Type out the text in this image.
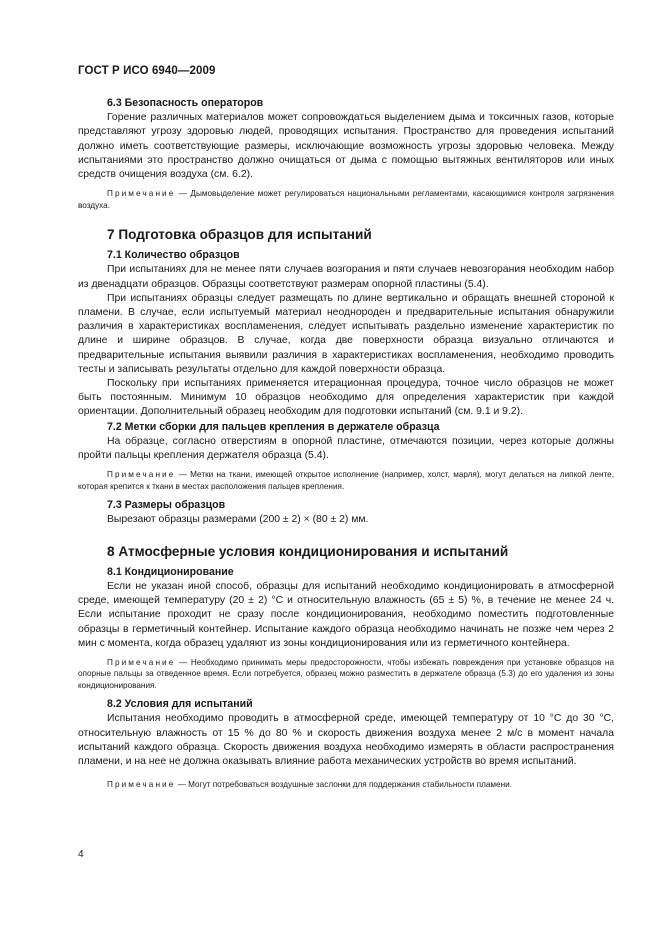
ГОСТ Р ИСО 6940—2009
6.3 Безопасность операторов

Горение различных материалов может сопровождаться выделением дыма и токсичных газов, которые представляют угрозу здоровью людей, проводящих испытания. Пространство для проведения испытаний должно иметь соответствующие размеры, исключающие возможность угрозы здоровью человека. Между испытаниями это пространство должно очищаться от дыма с помощью вытяжных вентиляторов или иных средств очищения воздуха (см. 6.2).

Примечание — Дымовыделение может регулироваться национальными регламентами, касающимися контроля загрязнения воздуха.

7 Подготовка образцов для испытаний
7.1 Количество образцов

При испытаниях для не менее пяти случаев возгорания и пяти случаев невозгорания необходим набор из двенадцати образцов. Образцы соответствуют размерам опорной пластины (5.4).

При испытаниях образцы следует размещать по длине вертикально и обращать внешней стороной к пламени. В случае, если испытуемый материал неоднороден и предварительные испытания обнаружили различия в характеристиках воспламенения, следует испытывать раздельно изменение характеристик по длине и ширине образцов. В случае, когда две поверхности образца визуально отличаются и предварительные испытания выявили различия в характеристиках воспламенения, необходимо проводить тесты и записывать результаты отдельно для каждой поверхности образца.

Поскольку при испытаниях применяется итерационная процедура, точное число образцов не может быть постоянным. Минимум 10 образцов необходимо для определения характеристик при каждой ориентации. Дополнительный образец необходим для подготовки испытаний (см. 9.1 и 9.2).

7.2 Метки сборки для пальцев крепления в держателе образца

На образце, согласно отверстиям в опорной пластине, отмечаются позиции, через которые должны пройти пальцы крепления держателя образца (5.4).

Примечание — Метки на ткани, имеющей открытое исполнение (например, холст, марля), могут делаться на липкой ленте, которая крепится к ткани в местах расположения пальцев крепления.

7.3 Размеры образцов

Вырезают образцы размерами (200 ± 2) × (80 ± 2) мм.

8 Атмосферные условия кондиционирования и испытаний
8.1 Кондиционирование

Если не указан иной способ, образцы для испытаний необходимо кондиционировать в атмосферной среде, имеющей температуру (20 ± 2) °С и относительную влажность (65 ± 5) %, в течение не менее 24 ч. Если испытание проходит не сразу после кондиционирования, необходимо поместить подготовленные образцы в герметичный контейнер. Испытание каждого образца необходимо начинать не позже чем через 2 мин с момента, когда образец удаляют из зоны кондиционирования или из герметичного контейнера.

Примечание — Необходимо принимать меры предосторожности, чтобы избежать повреждения при установке образцов на опорные пальцы за отведенное время. Если потребуется, образец можно разместить в держателе образца (5.3) до его удаления из зоны кондиционирования.

8.2 Условия для испытаний

Испытания необходимо проводить в атмосферной среде, имеющей температуру от 10 °С до 30 °С, относительную влажность от 15 % до 80 % и скорость движения воздуха менее 2 м/с в момент начала испытаний каждого образца. Скорость движения воздуха необходимо измерять в области распространения пламени, и на нее не должна оказывать влияние работа механических устройств во время испытаний.

Примечание — Могут потребоваться воздушные заслонки для поддержания стабильности пламени.

4
